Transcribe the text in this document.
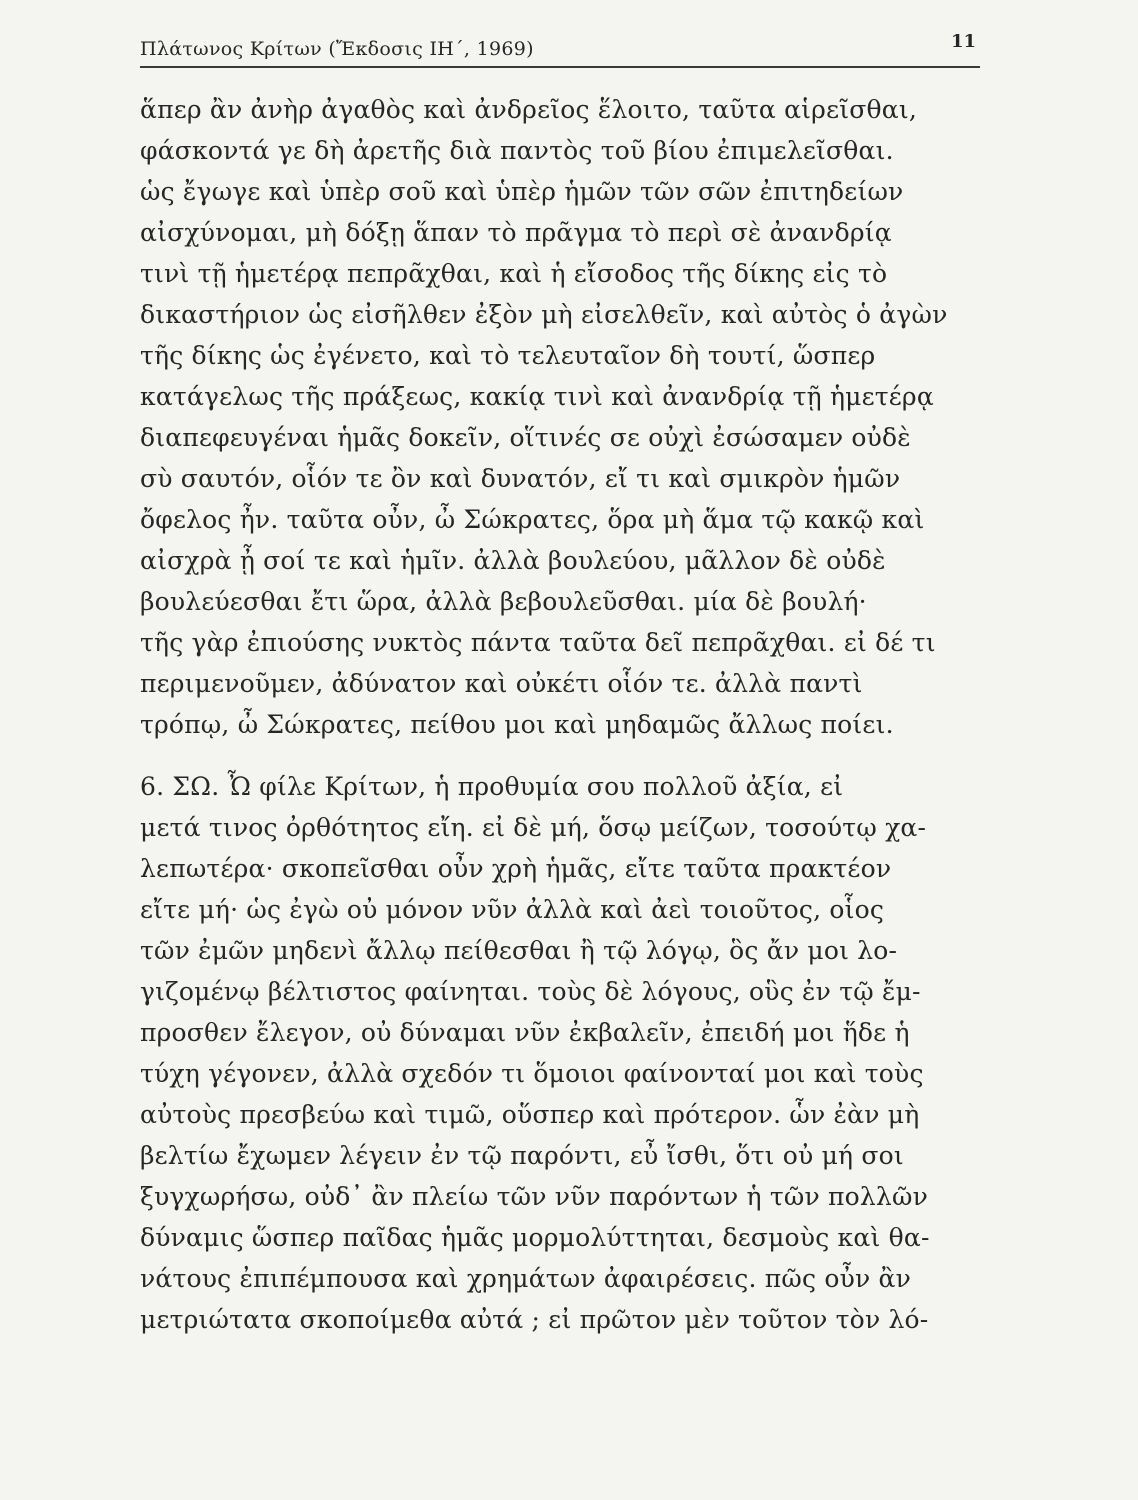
Πλάτωνος Κρίτων (Ἔκδοσις ΙΗ΄, 1969)	11
ἅπερ ἂν ἀνὴρ ἀγαθὸς καὶ ἀνδρεῖος ἕλοιτο, ταῦτα αἱρεῖσθαι,
φάσκοντά γε δὴ ἀρετῆς διὰ παντὸς τοῦ βίου ἐπιμελεῖσθαι.
ὡς ἔγωγε καὶ ὑπὲρ σοῦ καὶ ὑπὲρ ἡμῶν τῶν σῶν ἐπιτηδείων
αἰσχύνομαι, μὴ δόξῃ ἅπαν τὸ πρᾶγμα τὸ περὶ σὲ ἀνανδρίᾳ
τινὶ τῇ ἡμετέρᾳ πεπρᾶχθαι, καὶ ἡ εἴσοδος τῆς δίκης εἰς τὸ
δικαστήριον ὡς εἰσῆλθεν ἐξὸν μὴ εἰσελθεῖν, καὶ αὐτὸς ὁ ἀγὼν
τῆς δίκης ὡς ἐγένετο, καὶ τὸ τελευταῖον δὴ τουτί, ὥσπερ
κατάγελως τῆς πράξεως, κακίᾳ τινὶ καὶ ἀνανδρίᾳ τῇ ἡμετέρᾳ
διαπεφευγέναι ἡμᾶς δοκεῖν, οἵτινές σε οὐχὶ ἐσώσαμεν οὐδὲ
σὺ σαυτόν, οἷόν τε ὂν καὶ δυνατόν, εἴ τι καὶ σμικρὸν ἡμῶν
ὄφελος ἦν. ταῦτα οὖν, ὦ Σώκρατες, ὅρα μὴ ἅμα τῷ κακῷ καὶ
αἰσχρὰ ᾖ σοί τε καὶ ἡμῖν. ἀλλὰ βουλεύου, μᾶλλον δὲ οὐδὲ
βουλεύεσθαι ἔτι ὥρα, ἀλλὰ βεβουλεῦσθαι. μία δὲ βουλή·
τῆς γὰρ ἐπιούσης νυκτὸς πάντα ταῦτα δεῖ πεπρᾶχθαι. εἰ δέ τι
περιμενοῦμεν, ἀδύνατον καὶ οὐκέτι οἷόν τε. ἀλλὰ παντὶ
τρόπῳ, ὦ Σώκρατες, πείθου μοι καὶ μηδαμῶς ἄλλως ποίει.
6. ΣΩ. Ὦ φίλε Κρίτων, ἡ προθυμία σου πολλοῦ ἀξία, εἰ
μετά τινος ὀρθότητος εἴη. εἰ δὲ μή, ὅσῳ μείζων, τοσούτῳ χα-
λεπωτέρα· σκοπεῖσθαι οὖν χρὴ ἡμᾶς, εἴτε ταῦτα πρακτέον
εἴτε μή· ὡς ἐγὼ οὐ μόνον νῦν ἀλλὰ καὶ ἀεὶ τοιοῦτος, οἷος
τῶν ἐμῶν μηδενὶ ἄλλῳ πείθεσθαι ἢ τῷ λόγῳ, ὃς ἄν μοι λο-
γιζομένῳ βέλτιστος φαίνηται. τοὺς δὲ λόγους, οὓς ἐν τῷ ἔμ-
προσθεν ἔλεγον, οὐ δύναμαι νῦν ἐκβαλεῖν, ἐπειδή μοι ἥδε ἡ
τύχη γέγονεν, ἀλλὰ σχεδόν τι ὅμοιοι φαίνονταί μοι καὶ τοὺς
αὐτοὺς πρεσβεύω καὶ τιμῶ, οὕσπερ καὶ πρότερον. ὧν ἐὰν μὴ
βελτίω ἔχωμεν λέγειν ἐν τῷ παρόντι, εὖ ἴσθι, ὅτι οὐ μή σοι
ξυγχωρήσω, οὐδ᾽ ἂν πλείω τῶν νῦν παρόντων ἡ τῶν πολλῶν
δύναμις ὥσπερ παῖδας ἡμᾶς μορμολύττηται, δεσμοὺς καὶ θα-
νάτους ἐπιπέμπουσα καὶ χρημάτων ἀφαιρέσεις. πῶς οὖν ἂν
μετριώτατα σκοποίμεθα αὐτά ; εἰ πρῶτον μὲν τοῦτον τὸν λό-
